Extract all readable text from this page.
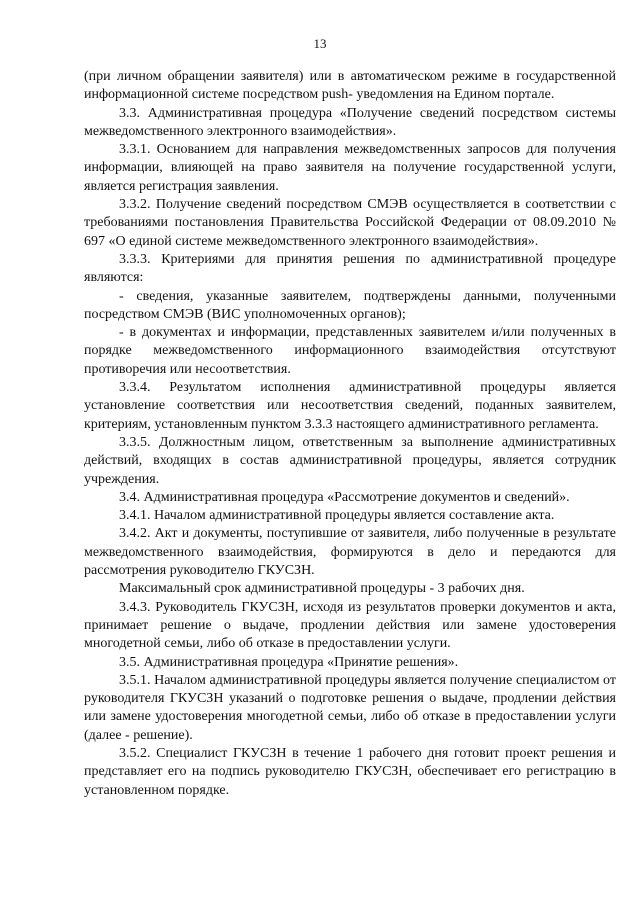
13

(при личном обращении заявителя) или в автоматическом режиме в государственной информационной системе посредством push- уведомления на Едином портале.

3.3. Административная процедура «Получение сведений посредством системы межведомственного электронного взаимодействия».

3.3.1. Основанием для направления межведомственных запросов для получения информации, влияющей на право заявителя на получение государственной услуги, является регистрация заявления.

3.3.2. Получение сведений посредством СМЭВ осуществляется в соответствии с требованиями постановления Правительства Российской Федерации от 08.09.2010 № 697 «О единой системе межведомственного электронного взаимодействия».

3.3.3. Критериями для принятия решения по административной процедуре являются:

- сведения, указанные заявителем, подтверждены данными, полученными посредством СМЭВ (ВИС уполномоченных органов);

- в документах и информации, представленных заявителем и/или полученных в порядке межведомственного информационного взаимодействия отсутствуют противоречия или несоответствия.

3.3.4. Результатом исполнения административной процедуры является установление соответствия или несоответствия сведений, поданных заявителем, критериям, установленным пунктом 3.3.3 настоящего административного регламента.

3.3.5. Должностным лицом, ответственным за выполнение административных действий, входящих в состав административной процедуры, является сотрудник учреждения.

3.4. Административная процедура «Рассмотрение документов и сведений».

3.4.1. Началом административной процедуры является составление акта.

3.4.2. Акт и документы, поступившие от заявителя, либо полученные в результате межведомственного взаимодействия, формируются в дело и передаются для рассмотрения руководителю ГКУСЗН.

Максимальный срок административной процедуры - 3 рабочих дня.

3.4.3. Руководитель ГКУСЗН, исходя из результатов проверки документов и акта, принимает решение о выдаче, продлении действия или замене удостоверения многодетной семьи, либо об отказе в предоставлении услуги.

3.5. Административная процедура «Принятие решения».

3.5.1. Началом административной процедуры является получение специалистом от руководителя ГКУСЗН указаний о подготовке решения о выдаче, продлении действия или замене удостоверения многодетной семьи, либо об отказе в предоставлении услуги (далее - решение).

3.5.2. Специалист ГКУСЗН в течение 1 рабочего дня готовит проект решения и представляет его на подпись руководителю ГКУСЗН, обеспечивает его регистрацию в установленном порядке.
